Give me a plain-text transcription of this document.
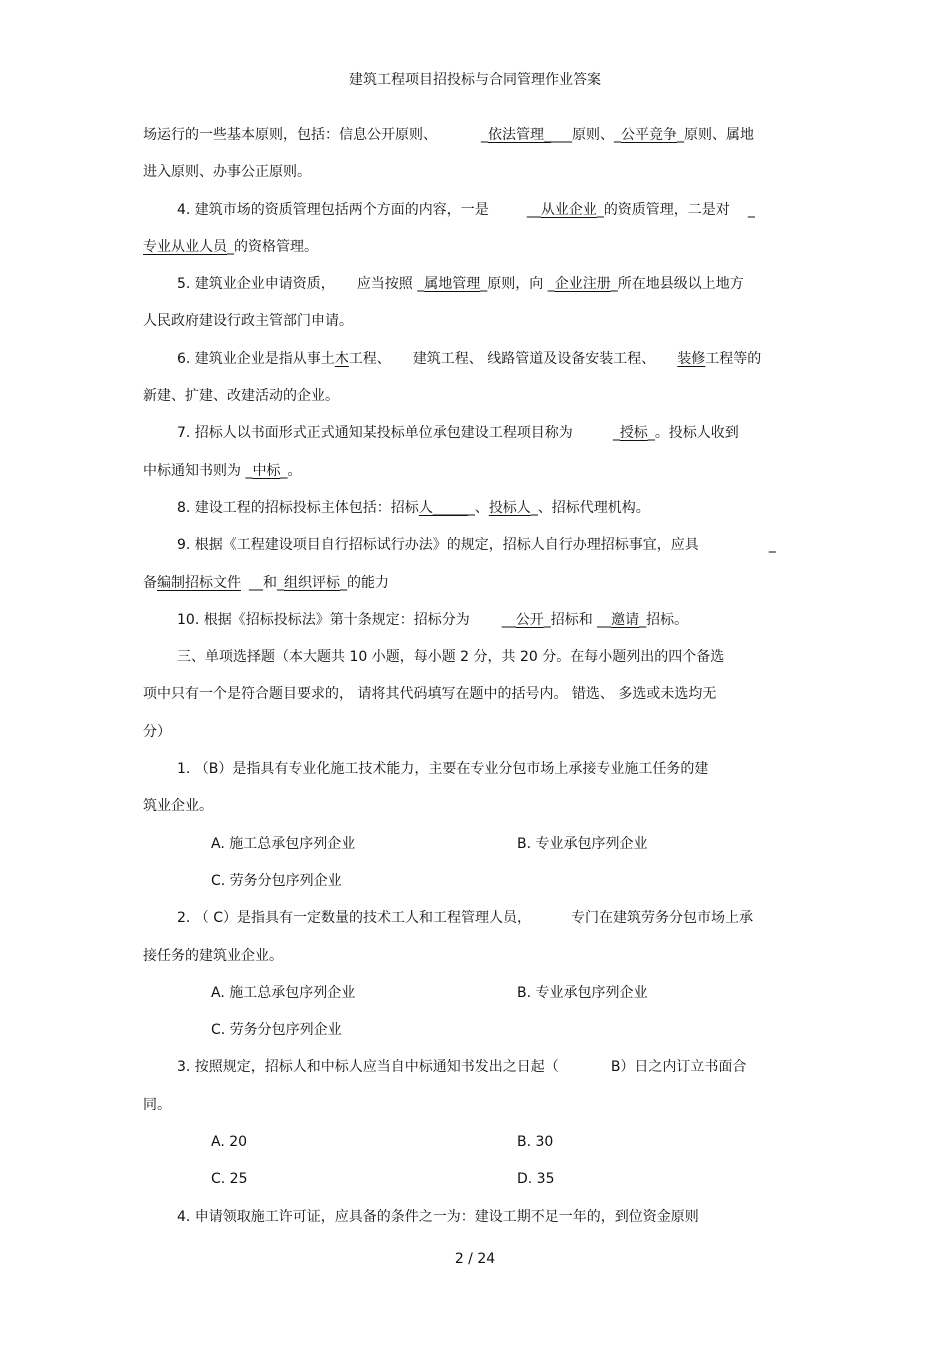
建筑工程项目招投标与合同管理作业答案
场运行的一些基本原则，包括：信息公开原则、	_依法管理____原则、_公平竞争_原则、属地
进入原则、办事公正原则。
4. 建筑市场的资质管理包括两个方面的内容，一是	__从业企业_的资质管理，二是对 _
专业从业人员_的资格管理。
5. 建筑业企业申请资质， 应当按照 _属地管理_原则，向 _企业注册_所在地县级以上地方
人民政府建设行政主管部门申请。
6. 建筑业企业是指从事土木工程、 建筑工程、 线路管道及设备安装工程、 装修工程等的
新建、扩建、改建活动的企业。
7. 招标人以书面形式正式通知某投标单位承包建设工程项目称为	_授标_。投标人收到
中标通知书则为 _中标_。
8. 建设工程的招标投标主体包括：招标人______、投标人_、招标代理机构。
9. 根据《工程建设项目自行招标试行办法》的规定，招标人自行办理招标事宜，应具	_
备编制招标文件 __和_组织评标_的能力
10. 根据《招标投标法》第十条规定：招标分为 __公开_招标和 __邀请_招标。
三、单项选择题（本大题共 10 小题，每小题 2 分，共 20 分。在每小题列出的四个备选
项中只有一个是符合题目要求的， 请将其代码填写在题中的括号内。 错选、 多选或未选均无
分）
1. （B）是指具有专业化施工技术能力，主要在专业分包市场上承接专业施工任务的建
筑业企业。
A. 施工总承包序列企业	B. 专业承包序列企业
C. 劳务分包序列企业
2. （ C）是指具有一定数量的技术工人和工程管理人员，	专门在建筑劳务分包市场上承
接任务的建筑业企业。
A. 施工总承包序列企业	B. 专业承包序列企业
C. 劳务分包序列企业
3. 按照规定，招标人和中标人应当自中标通知书发出之日起（	B）日之内订立书面合
同。
A. 20	B. 30
C. 25	D. 35
4. 申请领取施工许可证，应具备的条件之一为：建设工期不足一年的，到位资金原则
2 / 24
